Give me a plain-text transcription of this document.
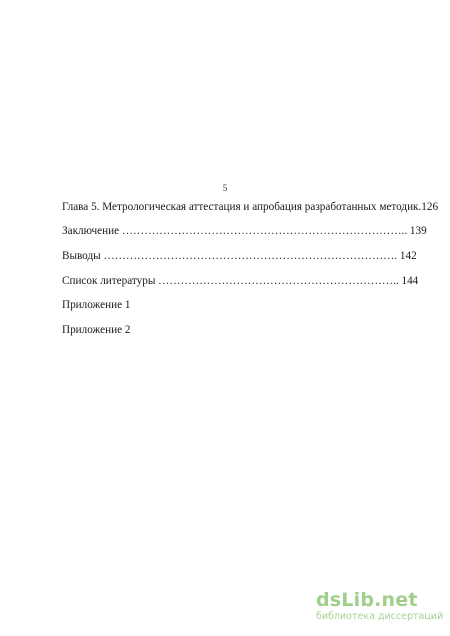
5

Глава 5. Метрологическая аттестация и апробация разработанных методик.126

Заключение ………………………………………………………………….. 139

Выводы ……………………………………………………………………. 142

Список литературы ……………………………………………………….. 144

Приложение 1

Приложение 2

dsLib.net
библиотека диссертаций
